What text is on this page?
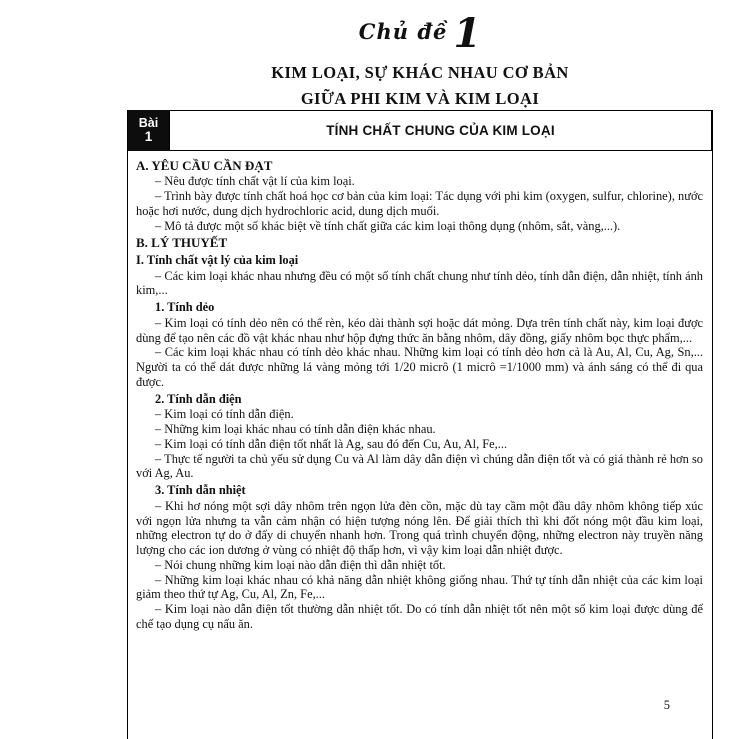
Chủ đề 1
KIM LOẠI, SỰ KHÁC NHAU CƠ BẢN
GIỮA PHI KIM VÀ KIM LOẠI
Bài
1	TÍNH CHẤT CHUNG CỦA KIM LOẠI

A. YÊU CẦU CẦN ĐẠT

– Nêu được tính chất vật lí của kim loại.

– Trình bày được tính chất hoá học cơ bản của kim loại: Tác dụng với phi kim (oxygen, sulfur, chlorine), nước hoặc hơi nước, dung dịch hydrochloric acid, dung dịch muối.

– Mô tả được một số khác biệt về tính chất giữa các kim loại thông dụng (nhôm, sắt, vàng,...).

B. LÝ THUYẾT

I. Tính chất vật lý của kim loại

– Các kim loại khác nhau nhưng đều có một số tính chất chung như tính dẻo, tính dẫn điện, dẫn nhiệt, tính ánh kim,...

1. Tính dẻo

– Kim loại có tính dẻo nên có thể rèn, kéo dài thành sợi hoặc dát mỏng. Dựa trên tính chất này, kim loại được dùng để tạo nên các đồ vật khác nhau như hộp đựng thức ăn bằng nhôm, dây đồng, giấy nhôm bọc thực phẩm,...

– Các kim loại khác nhau có tính dẻo khác nhau. Những kim loại có tính dẻo hơn cả là Au, Al, Cu, Ag, Sn,... Người ta có thể dát được những lá vàng mỏng tới 1/20 micrô (1 micrô =1/1000 mm) và ánh sáng có thể đi qua được.

2. Tính dẫn điện

– Kim loại có tính dẫn điện.

– Những kim loại khác nhau có tính dẫn điện khác nhau.

– Kim loại có tính dẫn điện tốt nhất là Ag, sau đó đến Cu, Au, Al, Fe,...

– Thực tế người ta chủ yếu sử dụng Cu và Al làm dây dẫn điện vì chúng dẫn điện tốt và có giá thành rẻ hơn so với Ag, Au.

3. Tính dẫn nhiệt

– Khi hơ nóng một sợi dây nhôm trên ngọn lửa đèn cồn, mặc dù tay cầm một đầu dây nhôm không tiếp xúc với ngọn lửa nhưng ta vẫn cảm nhận có hiện tượng nóng lên. Để giải thích thì khi đốt nóng một đầu kim loại, những electron tự do ở đấy di chuyển nhanh hơn. Trong quá trình chuyển động, những electron này truyền năng lượng cho các ion dương ở vùng có nhiệt độ thấp hơn, vì vậy kim loại dẫn nhiệt được.

– Nói chung những kim loại nào dẫn điện thì dẫn nhiệt tốt.

– Những kim loại khác nhau có khả năng dẫn nhiệt không giống nhau. Thứ tự tính dẫn nhiệt của các kim loại giảm theo thứ tự Ag, Cu, Al, Zn, Fe,...

– Kim loại nào dẫn điện tốt thường dẫn nhiệt tốt. Do có tính dẫn nhiệt tốt nên một số kim loại được dùng để chế tạo dụng cụ nấu ăn.

5
